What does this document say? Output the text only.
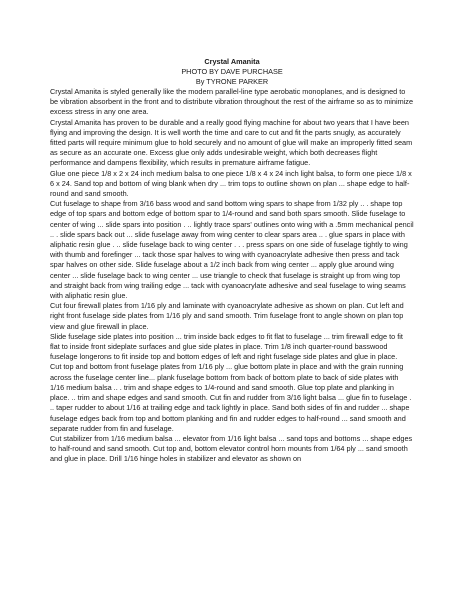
Crystal Amanita

PHOTO BY DAVE PURCHASE

By TYRONE PARKER

Crystal Amanita is styled generally like the modern parallel-line type aerobatic monoplanes, and is designed to be vibration absorbent in the front and to distribute vibration throughout the rest of the airframe so as to minimize excess stress in any one area.

Crystal Amanita has proven to be durable and a really good flying machine for about two years that I have been flying and improving the design. It is well worth the time and care to cut and fit the parts snugly, as accurately fitted parts will require minimum glue to hold securely and no amount of glue will make an improperly fitted seam as secure as an accurate one. Excess glue only adds undesirable weight, which both decreases flight performance and dampens flexibility, which results in premature airframe fatigue.

Glue one piece 1/8 x 2 x 24 inch medium balsa to one piece 1/8 x 4 x 24 inch light balsa, to form one piece 1/8 x 6 x 24. Sand top and bottom of wing blank when dry ... trim tops to outline shown on plan ... shape edge to half-round and sand smooth.

Cut fuselage to shape from 3/16 bass wood and sand bottom wing spars to shape from 1/32 ply .. . shape top edge of top spars and bottom edge of bottom spar to 1/4-round and sand both spars smooth. Slide fuselage to center of wing ... slide spars into position . .. lightly trace spars' outlines onto wing with a .5mm mechanical pencil .. . slide spars back out ... slide fuselage away from wing center to clear spars area .. . glue spars in place with aliphatic resin glue . .. slide fuselage back to wing center . . . press spars on one side of fuselage tightly to wing with thumb and forefinger ... tack those spar halves to wing with cyanoacrylate adhesive then press and tack spar halves on other side. Slide fuselage about a 1/2 inch back from wing center ... apply glue around wing center ... slide fuselage back to wing center ... use triangle to check that fuselage is straight up from wing top and straight back from wing trailing edge ... tack with cyanoacrylate adhesive and seal fuselage to wing seams with aliphatic resin glue.

Cut four firewall plates from 1/16 ply and laminate with cyanoacrylate adhesive as shown on plan. Cut left and right front fuselage side plates from 1/16 ply and sand smooth. Trim fuselage front to angle shown on plan top view and glue firewall in place.

Slide fuselage side plates into position ... trim inside back edges to fit flat to fuselage ... trim firewall edge to fit flat to inside front sideplate surfaces and glue side plates in place. Trim 1/8 inch quarter-round basswood fuselage longerons to fit inside top and bottom edges of left and right fuselage side plates and glue in place.

Cut top and bottom front fuselage plates from 1/16 ply ... glue bottom plate in place and with the grain running across the fuselage center line... plank fuselage bottom from back of bottom plate to back of side plates with 1/16 medium balsa .. . trim and shape edges to 1/4-round and sand smooth. Glue top plate and planking in place. .. trim and shape edges and sand smooth. Cut fin and rudder from 3/16 light balsa ... glue fin to fuselage . .. taper rudder to about 1/16 at trailing edge and tack lightly in place. Sand both sides of fin and rudder ... shape fuselage edges back from top and bottom planking and fin and rudder edges to half-round ... sand smooth and separate rudder from fin and fuselage.

Cut stabilizer from 1/16 medium balsa ... elevator from 1/16 light balsa ... sand tops and bottoms ... shape edges to half-round and sand smooth. Cut top and, bottom elevator control horn mounts from 1/64 ply ... sand smooth and glue in place. Drill 1/16 hinge holes in stabilizer and elevator as shown on
